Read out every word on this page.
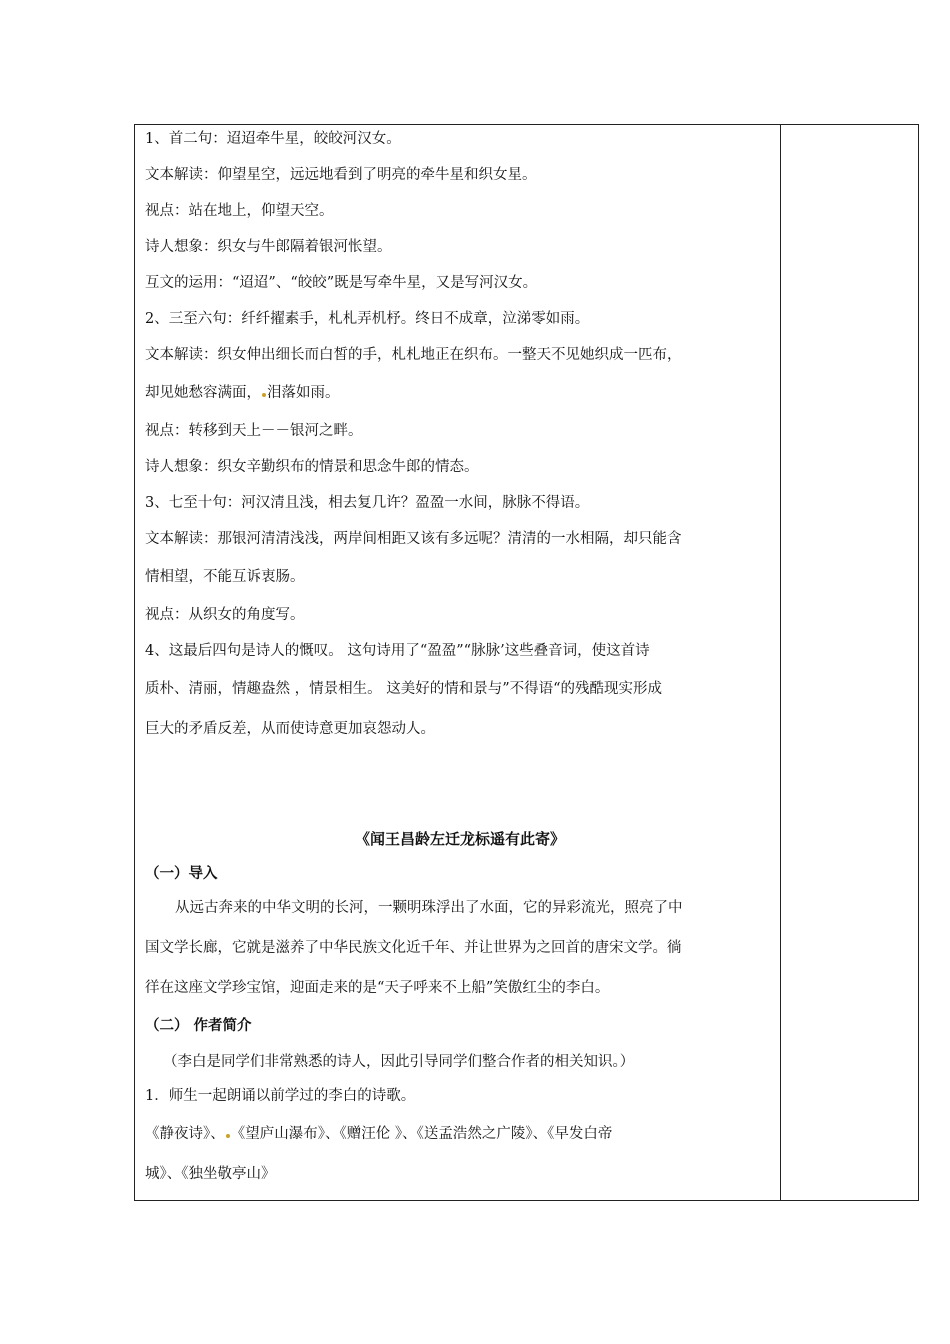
1、首二句：迢迢牵牛星，皎皎河汉女。
文本解读：仰望星空，远远地看到了明亮的牵牛星和织女星。
视点：站在地上，仰望天空。
诗人想象：织女与牛郎隔着银河怅望。
互文的运用：“迢迢”、“皎皎”既是写牵牛星，又是写河汉女。
2、三至六句：纤纤擢素手，札札弄机杼。终日不成章，泣涕零如雨。
文本解读：织女伸出细长而白皙的手，札札地正在织布。一整天不见她织成一匹布，
却见她愁容满面， 泪落如雨。
视点：转移到天上－－银河之畔。
诗人想象：织女辛勤织布的情景和思念牛郎的情态。
3、七至十句：河汉清且浅，相去复几许？盈盈一水间，脉脉不得语。
文本解读：那银河清清浅浅，两岸间相距又该有多远呢？清清的一水相隔，却只能含
情相望，不能互诉衷肠。
视点：从织女的角度写。
4、这最后四句是诗人的慨叹。 这句诗用了“盈盈”“脉脉’这些叠音词，使这首诗
质朴、清丽，情趣盎然 ，情景相生。 这美好的情和景与”不得语“的残酷现实形成
巨大的矛盾反差，从而使诗意更加哀怨动人。
《闻王昌龄左迁龙标遥有此寄》
（一）导入
从远古奔来的中华文明的长河，一颗明珠浮出了水面，它的异彩流光，照亮了中
国文学长廊，它就是滋养了中华民族文化近千年、并让世界为之回首的唐宋文学。徜
徉在这座文学珍宝馆，迎面走来的是“天子呼来不上船”笑傲红尘的李白。
（二） 作者简介
（李白是同学们非常熟悉的诗人，因此引导同学们整合作者的相关知识。）
1．师生一起朗诵以前学过的李白的诗歌。
《静夜诗》、 《望庐山瀑布》、《赠汪伦 》、《送孟浩然之广陵》、《早发白帝
城》、《独坐敬亭山》
